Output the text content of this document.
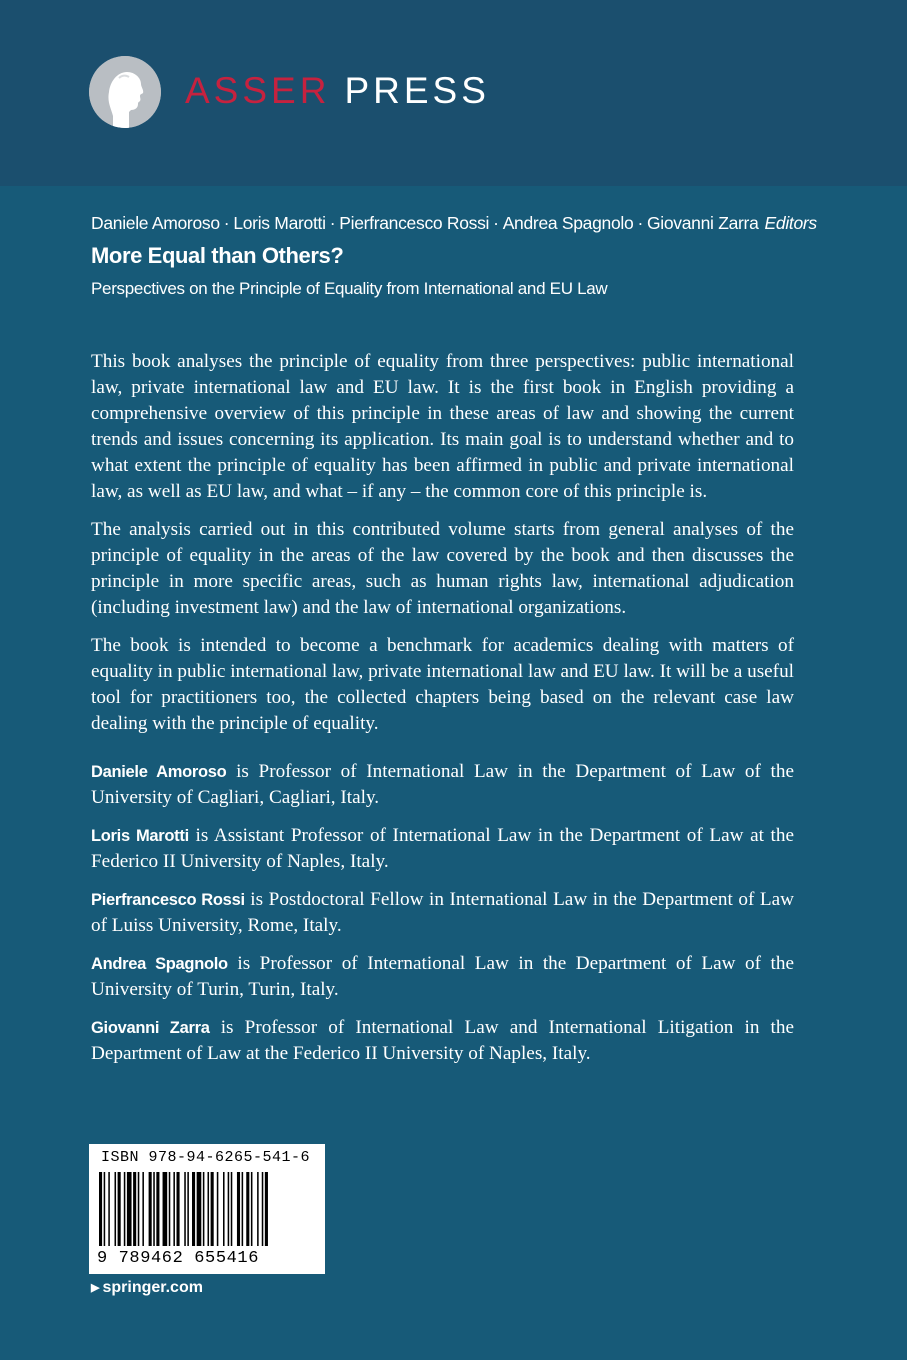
ASSER PRESS
Daniele Amoroso · Loris Marotti · Pierfrancesco Rossi · Andrea Spagnolo · Giovanni Zarra Editors
More Equal than Others?
Perspectives on the Principle of Equality from International and EU Law

This book analyses the principle of equality from three perspectives: public international law, private international law and EU law. It is the first book in English providing a comprehensive overview of this principle in these areas of law and showing the current trends and issues concerning its application. Its main goal is to understand whether and to what extent the principle of equality has been affirmed in public and private international law, as well as EU law, and what – if any – the common core of this principle is.

The analysis carried out in this contributed volume starts from general analyses of the principle of equality in the areas of the law covered by the book and then discusses the principle in more specific areas, such as human rights law, international adjudication (including investment law) and the law of international organizations.

The book is intended to become a benchmark for academics dealing with matters of equality in public international law, private international law and EU law. It will be a useful tool for practitioners too, the collected chapters being based on the relevant case law dealing with the principle of equality.

Daniele Amoroso is Professor of International Law in the Department of Law of the University of Cagliari, Cagliari, Italy.

Loris Marotti is Assistant Professor of International Law in the Department of Law at the Federico II University of Naples, Italy.

Pierfrancesco Rossi is Postdoctoral Fellow in International Law in the Department of Law of Luiss University, Rome, Italy.

Andrea Spagnolo is Professor of International Law in the Department of Law of the University of Turin, Turin, Italy.

Giovanni Zarra is Professor of International Law and International Litigation in the Department of Law at the Federico II University of Naples, Italy.

ISBN 978-94-6265-541-6
9 789462 655416
▶ springer.com
